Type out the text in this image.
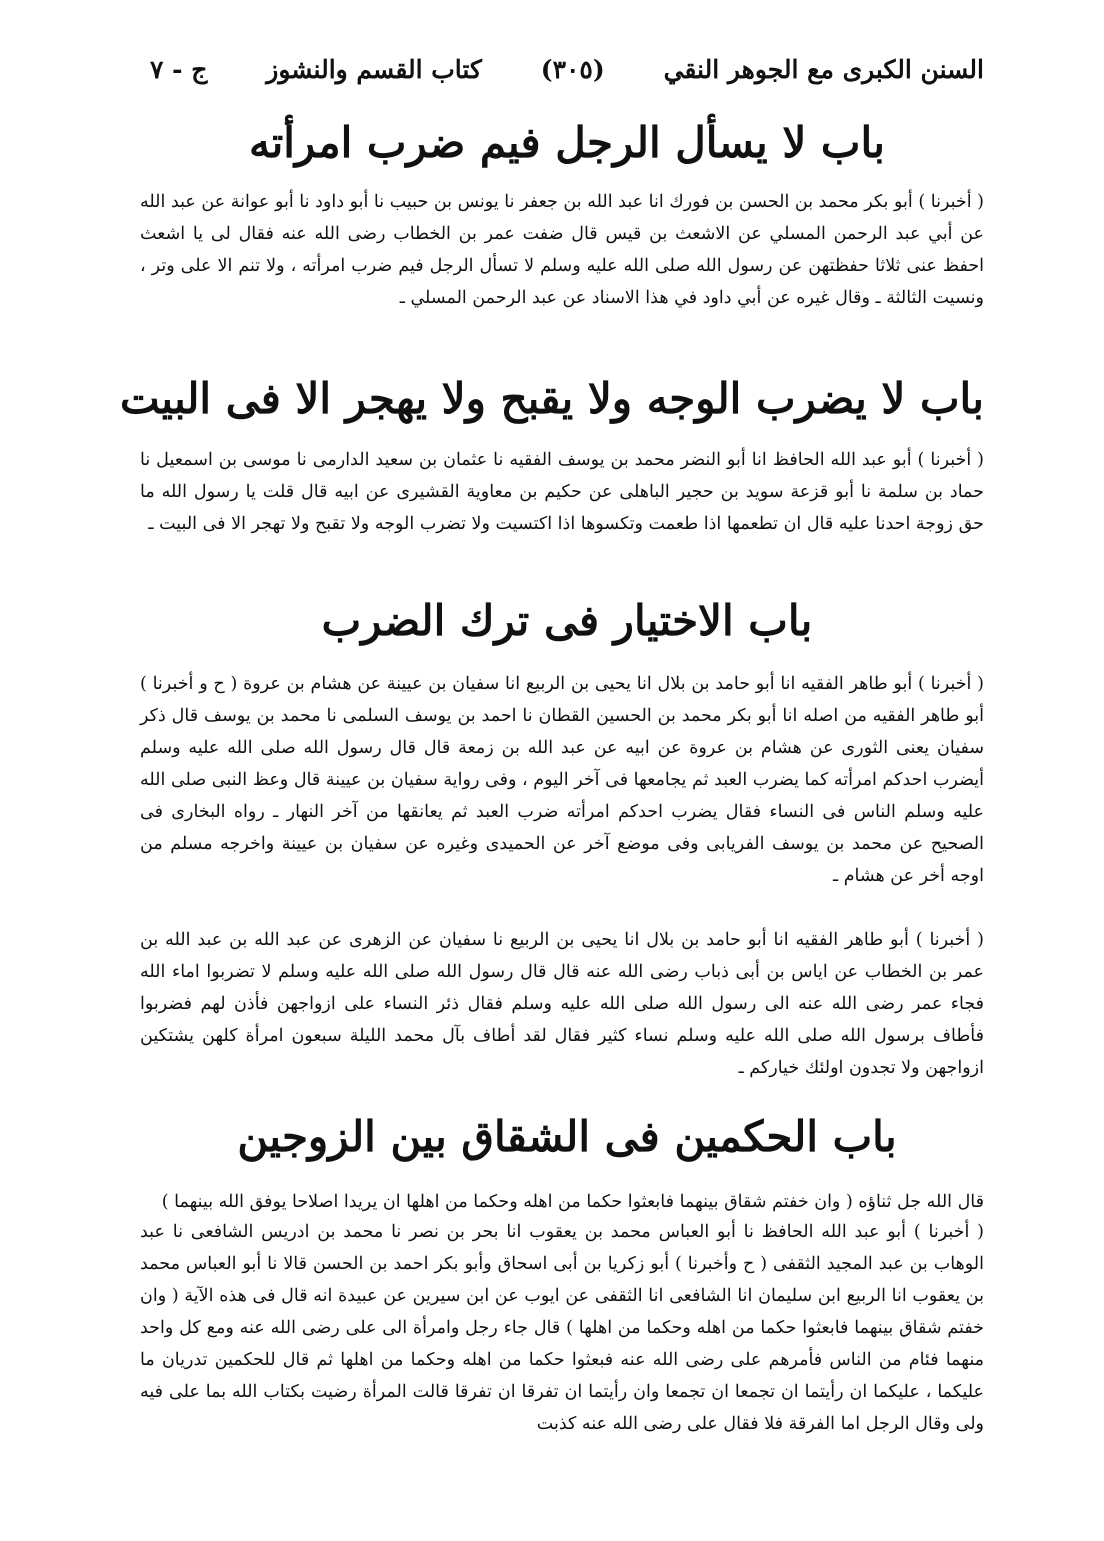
السنن الكبرى مع الجوهر النقي
(٣٠٥)
كتاب القسم والنشوز
ج - ٧
باب لا يسأل الرجل فيم ضرب امرأته
( أخبرنا ) أبو بكر محمد بن الحسن بن فورك انا عبد الله بن جعفر نا يونس بن حبيب نا أبو داود نا أبو عوانة عن عبد الله عن أبي عبد الرحمن المسلي عن الاشعث بن قيس قال ضفت عمر بن الخطاب رضى الله عنه فقال لى يا اشعث احفظ عنى ثلاثا حفظتهن عن رسول الله صلى الله عليه وسلم لا تسأل الرجل فيم ضرب امرأته ، ولا تنم الا على وتر ، ونسيت الثالثة ـ وقال غيره عن أبي داود في هذا الاسناد عن عبد الرحمن المسلي ـ
باب لا يضرب الوجه ولا يقبح ولا يهجر الا فى البيت
( أخبرنا ) أبو عبد الله الحافظ انا أبو النضر محمد بن يوسف الفقيه نا عثمان بن سعيد الدارمى نا موسى بن اسمعيل نا حماد بن سلمة نا أبو قزعة سويد بن حجير الباهلى عن حكيم بن معاوية القشيرى عن ابيه قال قلت يا رسول الله ما حق زوجة احدنا عليه قال ان تطعمها اذا طعمت وتكسوها اذا اكتسيت ولا تضرب الوجه ولا تقبح ولا تهجر الا فى البيت ـ
باب الاختيار فى ترك الضرب
( أخبرنا ) أبو طاهر الفقيه انا أبو حامد بن بلال انا يحيى بن الربيع انا سفيان بن عيينة عن هشام بن عروة ( ح و أخبرنا ) أبو طاهر الفقيه من اصله انا أبو بكر محمد بن الحسين القطان نا احمد بن يوسف السلمى نا محمد بن يوسف قال ذكر سفيان يعنى الثورى عن هشام بن عروة عن ابيه عن عبد الله بن زمعة قال قال رسول الله صلى الله عليه وسلم أيضرب احدكم امرأته كما يضرب العبد ثم يجامعها فى آخر اليوم ، وفى رواية سفيان بن عيينة قال وعظ النبى صلى الله عليه وسلم الناس فى النساء فقال يضرب احدكم امرأته ضرب العبد ثم يعانقها من آخر النهار ـ رواه البخارى فى الصحيح عن محمد بن يوسف الفريابى وفى موضع آخر عن الحميدى وغيره عن سفيان بن عيينة واخرجه مسلم من اوجه أخر عن هشام ـ
( أخبرنا ) أبو طاهر الفقيه انا أبو حامد بن بلال انا يحيى بن الربيع نا سفيان عن الزهرى عن عبد الله بن عبد الله بن عمر بن الخطاب عن اياس بن أبى ذباب رضى الله عنه قال قال رسول الله صلى الله عليه وسلم لا تضربوا اماء الله فجاء عمر رضى الله عنه الى رسول الله صلى الله عليه وسلم فقال ذئر النساء على ازواجهن فأذن لهم فضربوا فأطاف برسول الله صلى الله عليه وسلم نساء كثير فقال لقد أطاف بآل محمد الليلة سبعون امرأة كلهن يشتكين ازواجهن ولا تجدون اولئك خياركم ـ
باب الحكمين فى الشقاق بين الزوجين
قال الله جل ثناؤه ( وان خفتم شقاق بينهما فابعثوا حكما من اهله وحكما من اهلها ان يريدا اصلاحا يوفق الله بينهما )
( أخبرنا ) أبو عبد الله الحافظ نا أبو العباس محمد بن يعقوب انا بحر بن نصر نا محمد بن ادريس الشافعى نا عبد الوهاب بن عبد المجيد الثقفى ( ح وأخبرنا ) أبو زكريا بن أبى اسحاق وأبو بكر احمد بن الحسن قالا نا أبو العباس محمد بن يعقوب انا الربيع ابن سليمان انا الشافعى انا الثقفى عن ايوب عن ابن سيرين عن عبيدة انه قال فى هذه الآية ( وان خفتم شقاق بينهما فابعثوا حكما من اهله وحكما من اهلها ) قال جاء رجل وامرأة الى على رضى الله عنه ومع كل واحد منهما فئام من الناس فأمرهم على رضى الله عنه فبعثوا حكما من اهله وحكما من اهلها ثم قال للحكمين تدريان ما عليكما ، عليكما ان رأيتما ان تجمعا ان تجمعا وان رأيتما ان تفرقا ان تفرقا قالت المرأة رضيت بكتاب الله بما على فيه ولى وقال الرجل اما الفرقة فلا فقال على رضى الله عنه كذبت
